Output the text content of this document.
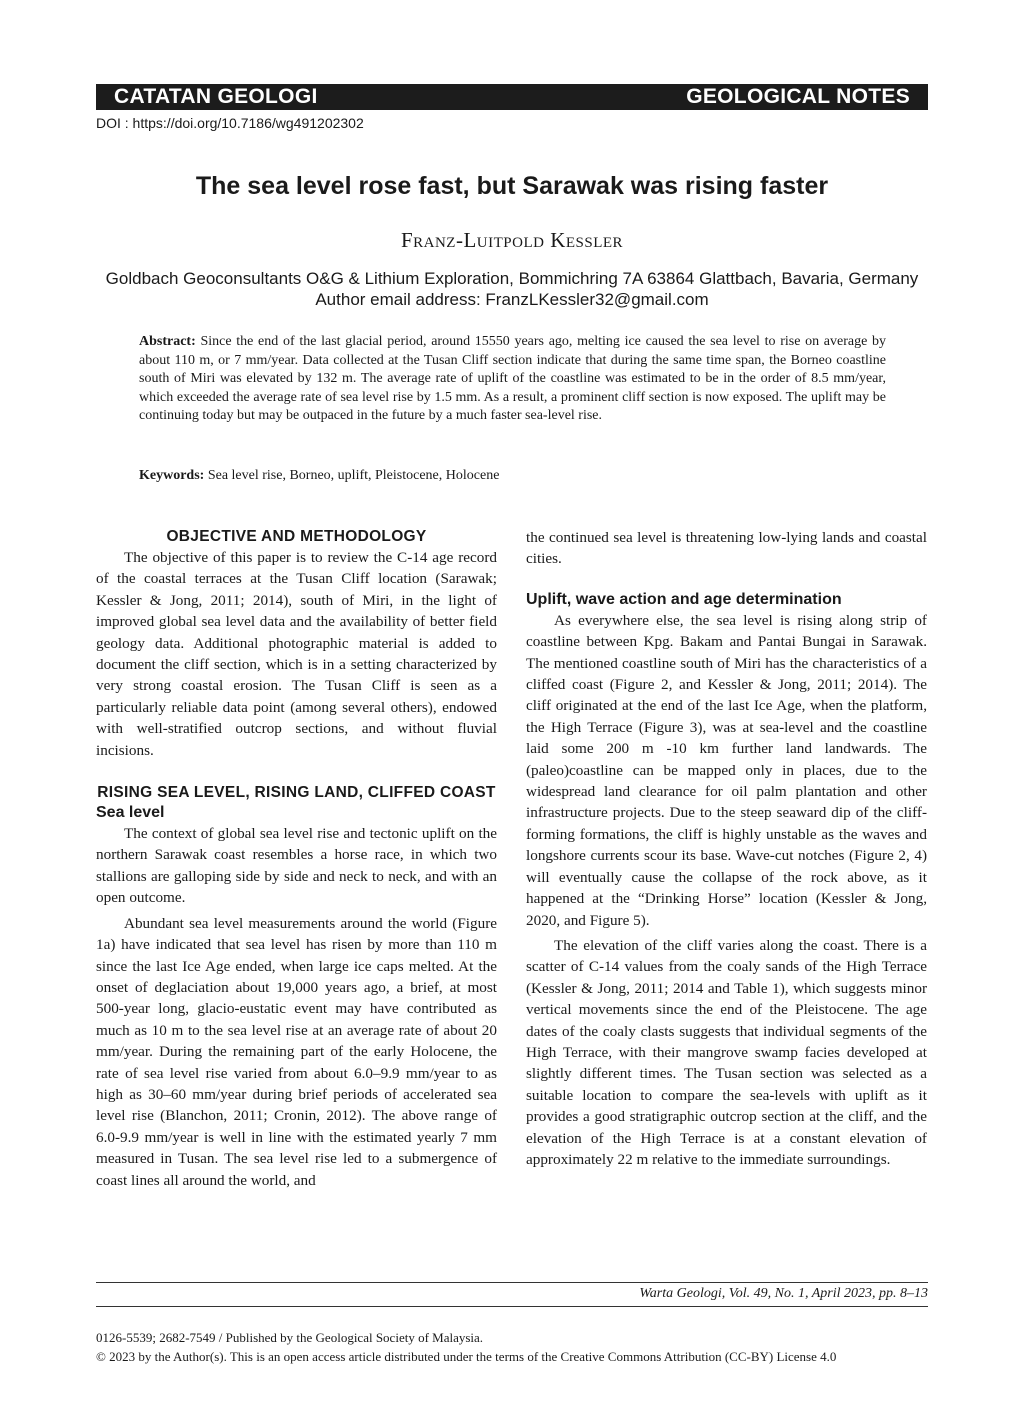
CATATAN GEOLOGI	GEOLOGICAL NOTES
DOI : https://doi.org/10.7186/wg491202302
The sea level rose fast, but Sarawak was rising faster
Franz-Luitpold Kessler
Goldbach Geoconsultants O&G & Lithium Exploration, Bommichring 7A 63864 Glattbach, Bavaria, Germany
Author email address: FranzLKessler32@gmail.com
Abstract: Since the end of the last glacial period, around 15550 years ago, melting ice caused the sea level to rise on average by about 110 m, or 7 mm/year. Data collected at the Tusan Cliff section indicate that during the same time span, the Borneo coastline south of Miri was elevated by 132 m. The average rate of uplift of the coastline was estimated to be in the order of 8.5 mm/year, which exceeded the average rate of sea level rise by 1.5 mm. As a result, a prominent cliff section is now exposed. The uplift may be continuing today but may be outpaced in the future by a much faster sea-level rise.
Keywords: Sea level rise, Borneo, uplift, Pleistocene, Holocene
OBJECTIVE AND METHODOLOGY

The objective of this paper is to review the C-14 age record of the coastal terraces at the Tusan Cliff location (Sarawak; Kessler & Jong, 2011; 2014), south of Miri, in the light of improved global sea level data and the availability of better field geology data. Additional photographic material is added to document the cliff section, which is in a setting characterized by very strong coastal erosion. The Tusan Cliff is seen as a particularly reliable data point (among several others), endowed with well-stratified outcrop sections, and without fluvial incisions.

RISING SEA LEVEL, RISING LAND, CLIFFED COAST
Sea level

The context of global sea level rise and tectonic uplift on the northern Sarawak coast resembles a horse race, in which two stallions are galloping side by side and neck to neck, and with an open outcome.

Abundant sea level measurements around the world (Figure 1a) have indicated that sea level has risen by more than 110 m since the last Ice Age ended, when large ice caps melted. At the onset of deglaciation about 19,000 years ago, a brief, at most 500-year long, glacio-eustatic event may have contributed as much as 10 m to the sea level rise at an average rate of about 20 mm/year. During the remaining part of the early Holocene, the rate of sea level rise varied from about 6.0–9.9 mm/year to as high as 30–60 mm/year during brief periods of accelerated sea level rise (Blanchon, 2011; Cronin, 2012). The above range of 6.0-9.9 mm/year is well in line with the estimated yearly 7 mm measured in Tusan. The sea level rise led to a submergence of coast lines all around the world, and

the continued sea level is threatening low-lying lands and coastal cities.

Uplift, wave action and age determination

As everywhere else, the sea level is rising along strip of coastline between Kpg. Bakam and Pantai Bungai in Sarawak. The mentioned coastline south of Miri has the characteristics of a cliffed coast (Figure 2, and Kessler & Jong, 2011; 2014). The cliff originated at the end of the last Ice Age, when the platform, the High Terrace (Figure 3), was at sea-level and the coastline laid some 200 m -10 km further land landwards. The (paleo)coastline can be mapped only in places, due to the widespread land clearance for oil palm plantation and other infrastructure projects. Due to the steep seaward dip of the cliff-forming formations, the cliff is highly unstable as the waves and longshore currents scour its base. Wave-cut notches (Figure 2, 4) will eventually cause the collapse of the rock above, as it happened at the “Drinking Horse” location (Kessler & Jong, 2020, and Figure 5).

The elevation of the cliff varies along the coast. There is a scatter of C-14 values from the coaly sands of the High Terrace (Kessler & Jong, 2011; 2014 and Table 1), which suggests minor vertical movements since the end of the Pleistocene. The age dates of the coaly clasts suggests that individual segments of the High Terrace, with their mangrove swamp facies developed at slightly different times. The Tusan section was selected as a suitable location to compare the sea-levels with uplift as it provides a good stratigraphic outcrop section at the cliff, and the elevation of the High Terrace is at a constant elevation of approximately 22 m relative to the immediate surroundings.

Warta Geologi, Vol. 49, No. 1, April 2023, pp. 8–13
0126-5539; 2682-7549 / Published by the Geological Society of Malaysia.
© 2023 by the Author(s). This is an open access article distributed under the terms of the Creative Commons Attribution (CC-BY) License 4.0
